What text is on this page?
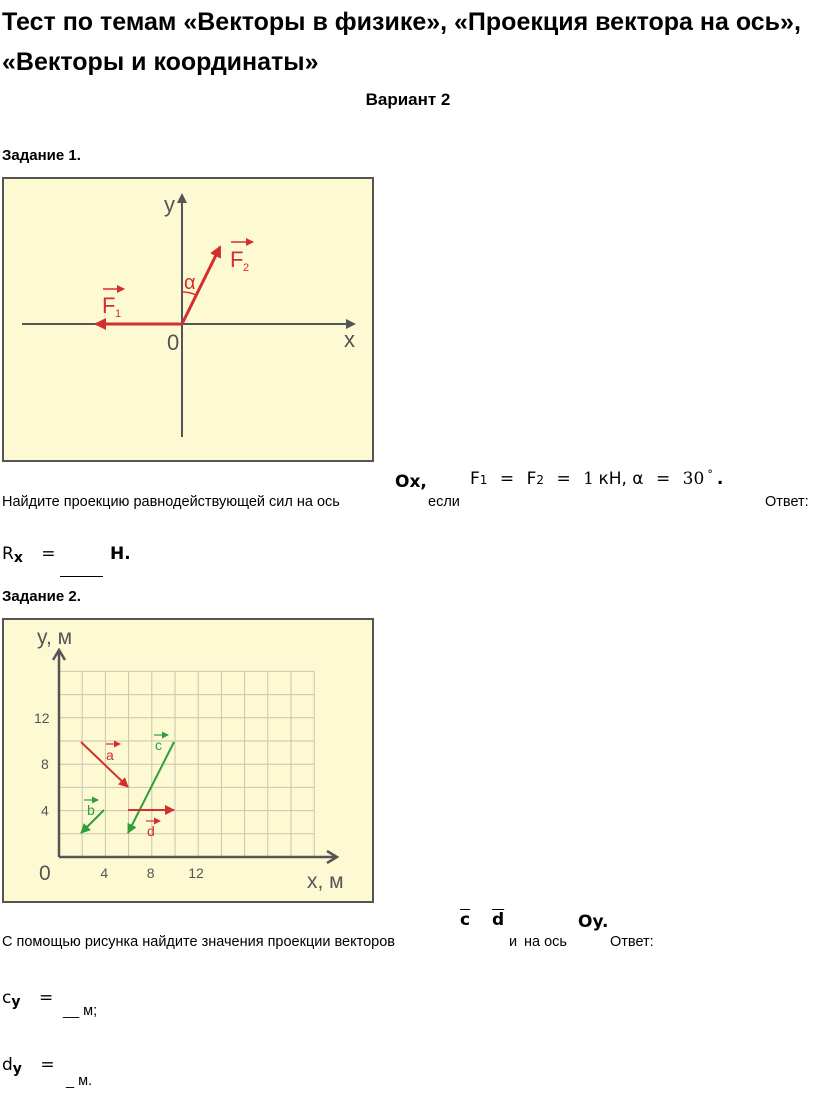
Тест по темам «Векторы в физике», «Проекция вектора на ось»,
«Векторы и координаты»
Вариант 2
Задание 1.
y
x
0
α
F 2
F 1
Найдите проекцию равнодействующей сил на ось
Ox,
если
F1 = F2 = 1 кН, α = 30 ° .
Ответ:
Rx =	Н.
Задание 2.
a
b
c
d
y, м
x, м
0	4	8 12
4
8
12
С помощью рисунка найдите значения проекции векторов
$\overline{c}$ $\overline{d}$
и на ось
Oy.
Ответ:
cy =
__ м;
dy =
_ м.
